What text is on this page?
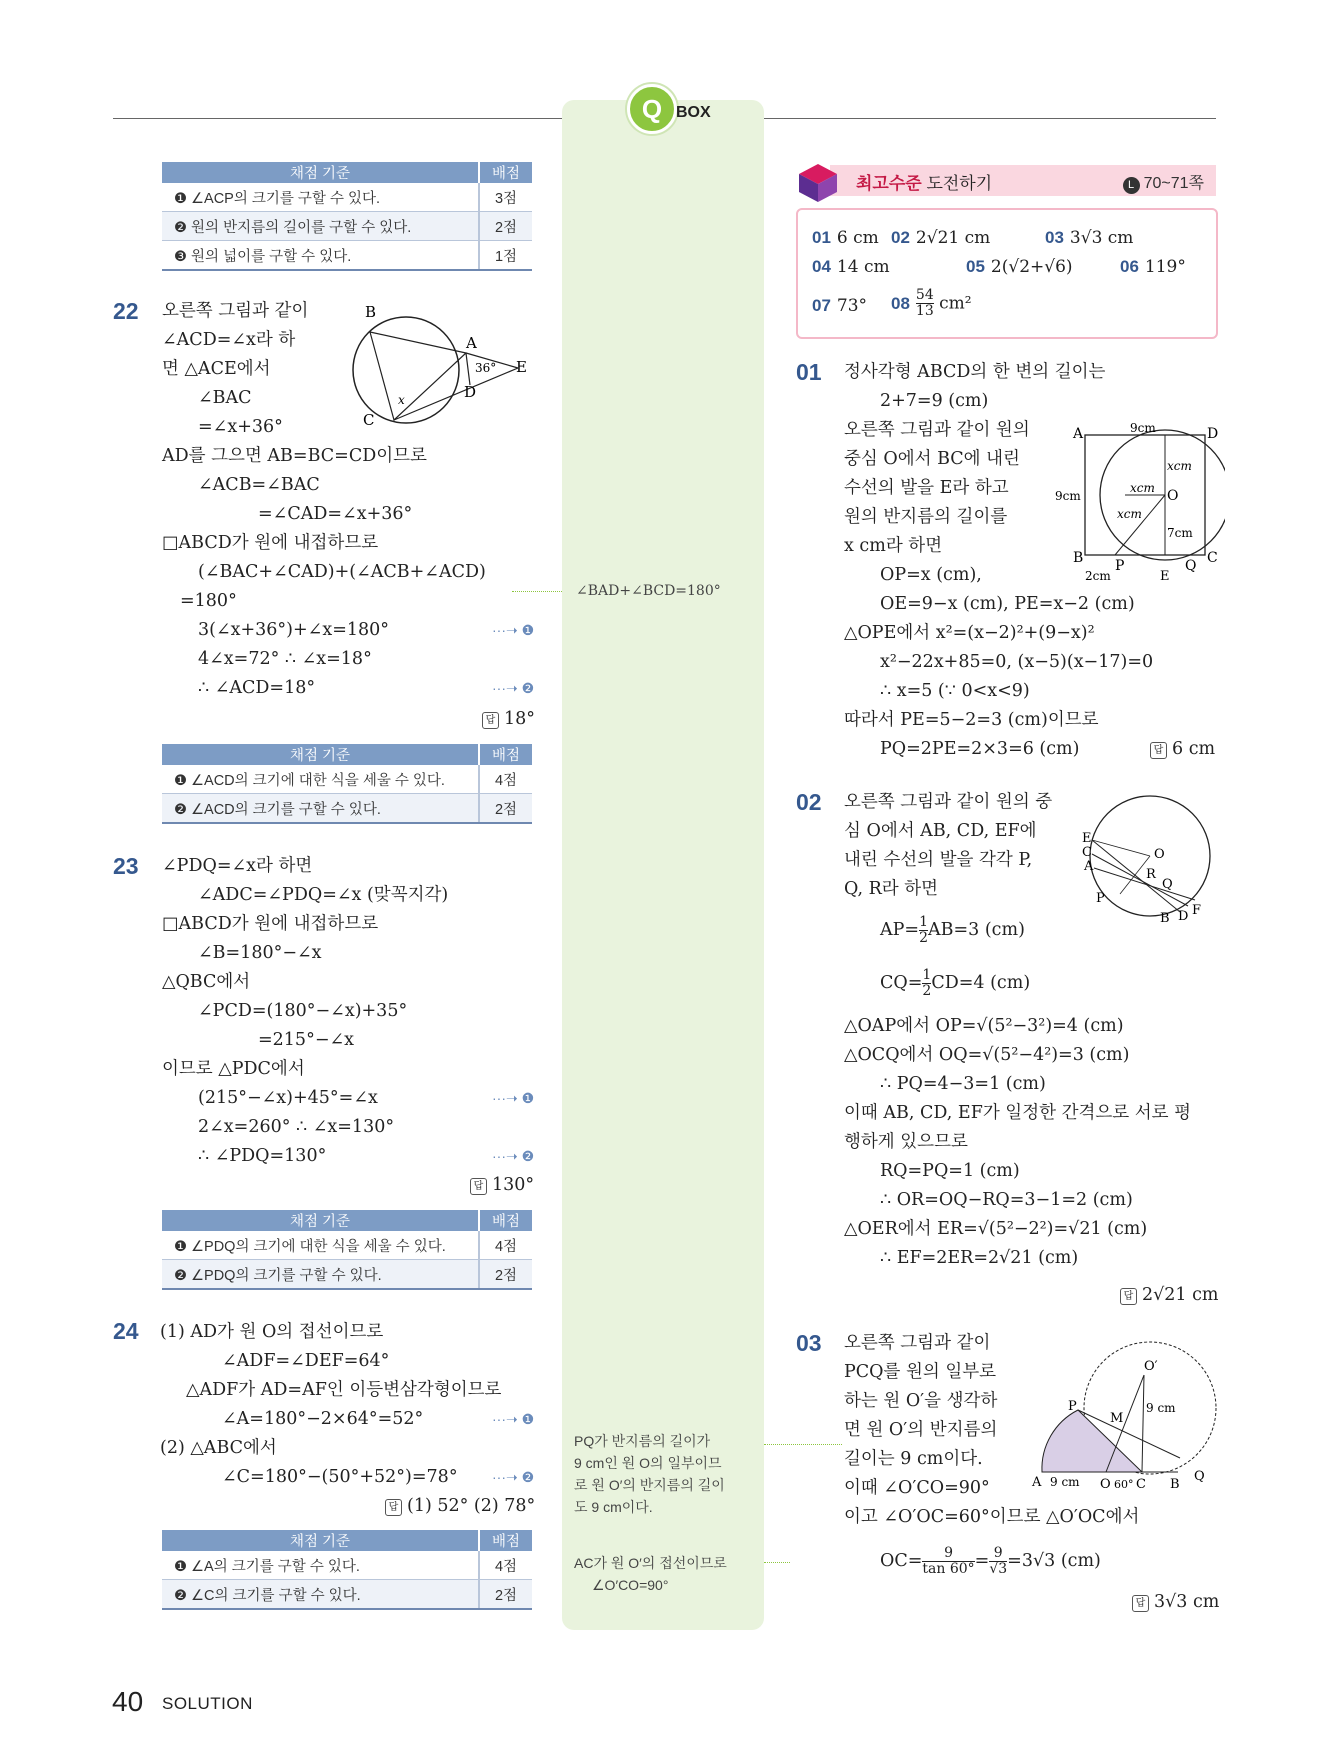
Q BOX
채점 기준	배점
❶ ∠ACP의 크기를 구할 수 있다.	3점
❷ 원의 반지름의 길이를 구할 수 있다.	2점
❸ 원의 넓이를 구할 수 있다.	1점
22 오른쪽 그림과 같이
∠ACD=∠x라 하
면 △ACE에서
∠BAC
=∠x+36°
AD를 그으면 AB=BC=CD이므로
∠ACB=∠BAC
=∠CAD=∠x+36°
□ABCD가 원에 내접하므로
(∠BAC+∠CAD)+(∠ACB+∠ACD)
=180°
3(∠x+36°)+∠x=180°
4∠x=72° ∴ ∠x=18°
∴ ∠ACD=18°
···➝ ❶
···➝ ❷
답 18°
B
A
E
D
C
36°
x
채점 기준	배점
❶ ∠ACD의 크기에 대한 식을 세울 수 있다.	4점
❷ ∠ACD의 크기를 구할 수 있다.	2점
23 ∠PDQ=∠x라 하면
∠ADC=∠PDQ=∠x (맞꼭지각)
□ABCD가 원에 내접하므로
∠B=180°−∠x
△QBC에서
∠PCD=(180°−∠x)+35°
=215°−∠x
이므로 △PDC에서
(215°−∠x)+45°=∠x
2∠x=260° ∴ ∠x=130°
∴ ∠PDQ=130°
···➝ ❶
···➝ ❷
답 130°
채점 기준	배점
❶ ∠PDQ의 크기에 대한 식을 세울 수 있다.	4점
❷ ∠PDQ의 크기를 구할 수 있다.	2점
24 (1) AD가 원 O의 접선이므로
∠ADF=∠DEF=64°
△ADF가 AD=AF인 이등변삼각형이므로
∠A=180°−2×64°=52°
(2) △ABC에서
∠C=180°−(50°+52°)=78°
···➝ ❶
···➝ ❷
답 (1) 52° (2) 78°
채점 기준	배점
❶ ∠A의 크기를 구할 수 있다.	4점
❷ ∠C의 크기를 구할 수 있다.	2점
∠BAD+∠BCD=180°
PQ가 반지름의 길이가
9 cm인 원 O의 일부이므
로 원 O′의 반지름의 길이
도 9 cm이다.
AC가 원 O′의 접선이므로
∠O′CO=90°
최고수준 도전하기	L 70~71쪽
01 6 cm 02 2√21 cm	03 3√3 cm
04 14 cm	05 2(√2+√6)	06 119°
07 73° $08 \frac{54}{13} cm^2$
01 정사각형 ABCD의 한 변의 길이는
2+7=9 (cm)
오른쪽 그림과 같이 원의
중심 O에서 BC에 내린
수선의 발을 E라 하고
원의 반지름의 길이를
x cm라 하면
OP=x (cm),
OE=9−x (cm), PE=x−2 (cm)
△OPE에서 x²=(x−2)²+(9−x)²
x²−22x+85=0, (x−5)(x−17)=0
∴ x=5 (∵ 0<x<9)
따라서 PE=5−2=3 (cm)이므로
PQ=2PE=2×3=6 (cm)	답 6 cm
A	D
B	C
O
P	Q
E
9cm
9cm
xcm
xcm
xcm
7cm
2cm
02 오른쪽 그림과 같이 원의 중
심 O에서 AB, CD, EF에
내린 수선의 발을 각각 P,
Q, R라 하면
$AP= \frac{1}{2} AB=3$ (cm)
$CQ= \frac{1}{2} CD=4$ (cm)
△OAP에서 OP=√(5²−3²)=4 (cm)
△OCQ에서 OQ=√(5²−4²)=3 (cm)
∴ PQ=4−3=1 (cm)
이때 AB, CD, EF가 일정한 간격으로 서로 평
행하게 있으므로
RQ=PQ=1 (cm)
∴ OR=OQ−RQ=3−1=2 (cm)
△OER에서 ER=√(5²−2²)=√21 (cm)
∴ EF=2ER=2√21 (cm)
답 2√21 cm
E
C
A
P
O
R
Q
B D F
03 오른쪽 그림과 같이
PCQ를 원의 일부로
하는 원 O′을 생각하
면 원 O′의 반지름의
길이는 9 cm이다.
이때 ∠O′CO=90°
이고 ∠O′OC=60°이므로 △O′OC에서
$OC= \frac{9}{\tan 60^\circ} = \frac{9}{√3} =3√3$ (cm)
답 3√3 cm
O′
P
M
9 cm
A 9 cm O 60° C B
Q
40 SOLUTION
